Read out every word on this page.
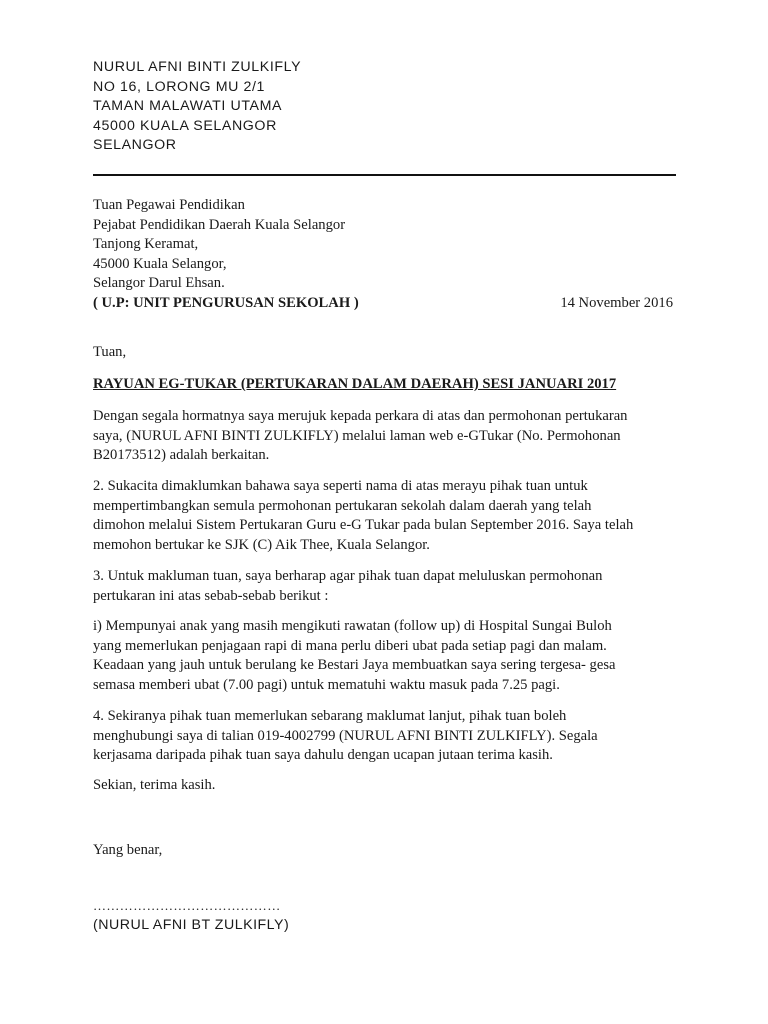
NURUL AFNI BINTI ZULKIFLY
NO 16, LORONG MU 2/1
TAMAN MALAWATI UTAMA
45000 KUALA SELANGOR
SELANGOR
Tuan Pegawai Pendidikan
Pejabat Pendidikan Daerah Kuala Selangor
Tanjong Keramat,
45000 Kuala Selangor,
Selangor Darul Ehsan.
( U.P: UNIT PENGURUSAN SEKOLAH )	14 November 2016
Tuan,
RAYUAN EG-TUKAR (PERTUKARAN DALAM DAERAH) SESI JANUARI 2017
Dengan segala hormatnya saya merujuk kepada perkara di atas dan permohonan pertukaran
saya, (NURUL AFNI BINTI ZULKIFLY) melalui laman web e-GTukar (No. Permohonan
B20173512) adalah berkaitan.
2. Sukacita dimaklumkan bahawa saya seperti nama di atas merayu pihak tuan untuk
mempertimbangkan semula permohonan pertukaran sekolah dalam daerah yang telah
dimohon melalui Sistem Pertukaran Guru e-G Tukar pada bulan September 2016. Saya telah
memohon bertukar ke SJK (C) Aik Thee, Kuala Selangor.
3. Untuk makluman tuan, saya berharap agar pihak tuan dapat meluluskan permohonan
pertukaran ini atas sebab-sebab berikut :
i) Mempunyai anak yang masih mengikuti rawatan (follow up) di Hospital Sungai Buloh
yang memerlukan penjagaan rapi di mana perlu diberi ubat pada setiap pagi dan malam.
Keadaan yang jauh untuk berulang ke Bestari Jaya membuatkan saya sering tergesa- gesa
semasa memberi ubat (7.00 pagi) untuk mematuhi waktu masuk pada 7.25 pagi.
4. Sekiranya pihak tuan memerlukan sebarang maklumat lanjut, pihak tuan boleh
menghubungi saya di talian 019-4002799 (NURUL AFNI BINTI ZULKIFLY). Segala
kerjasama daripada pihak tuan saya dahulu dengan ucapan jutaan terima kasih.
Sekian, terima kasih.
Yang benar,
……………………………………
(NURUL AFNI BT ZULKIFLY)
